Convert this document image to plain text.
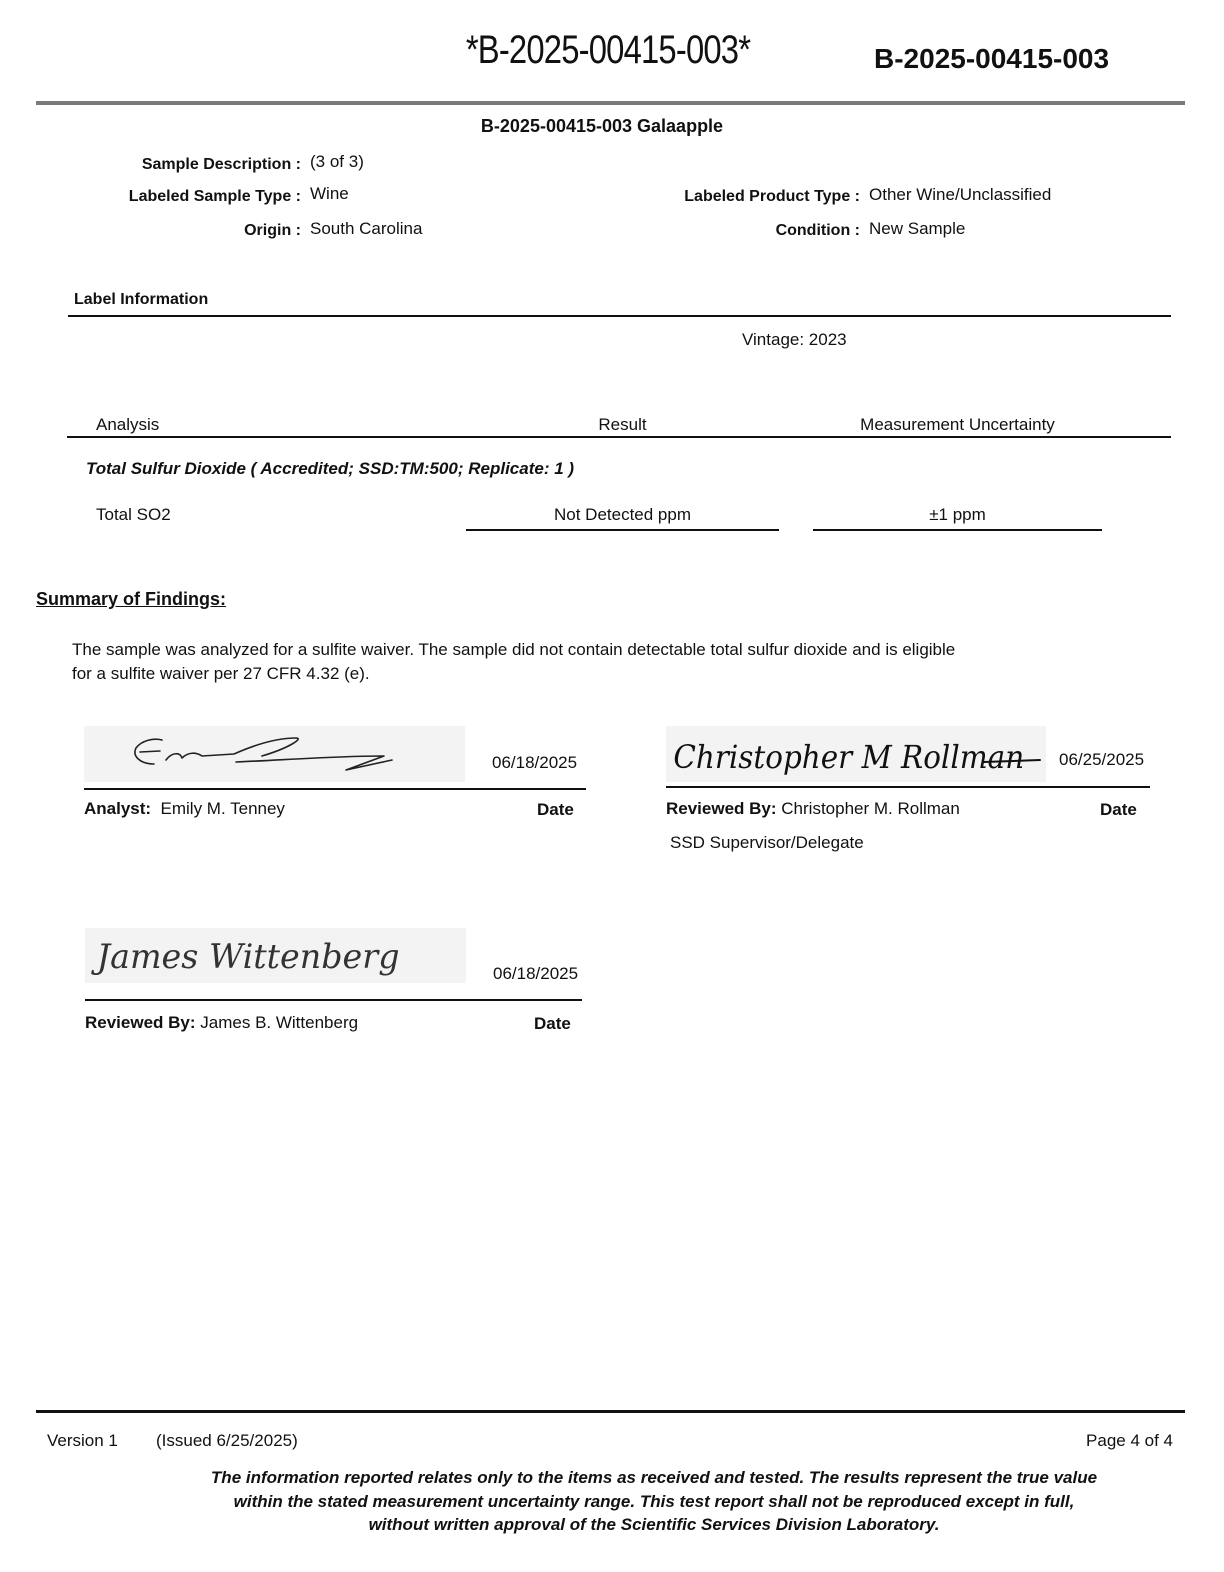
*B-2025-00415-003*	B-2025-00415-003
B-2025-00415-003 Galaapple
Sample Description : (3 of 3)
Labeled Sample Type : Wine
Origin : South Carolina
Labeled Product Type : Other Wine/Unclassified
Condition : New Sample
Label Information
Vintage: 2023
Analysis	Result	Measurement Uncertainty
Total Sulfur Dioxide ( Accredited; SSD:TM:500; Replicate: 1 )
Total SO2	Not Detected ppm	±1 ppm
Summary of Findings:
The sample was analyzed for a sulfite waiver. The sample did not contain detectable total sulfur dioxide and is eligible for a sulfite waiver per 27 CFR 4.32 (e).
06/18/2025
Analyst: Emily M. Tenney	Date
Christopher M Rollman 06/25/2025
Reviewed By: Christopher M. Rollman	Date
SSD Supervisor/Delegate
James Wittenberg	06/18/2025
Reviewed By: James B. Wittenberg	Date
Version 1 (Issued 6/25/2025)	Page 4 of 4
The information reported relates only to the items as received and tested. The results represent the true value
within the stated measurement uncertainty range. This test report shall not be reproduced except in full,
without written approval of the Scientific Services Division Laboratory.
